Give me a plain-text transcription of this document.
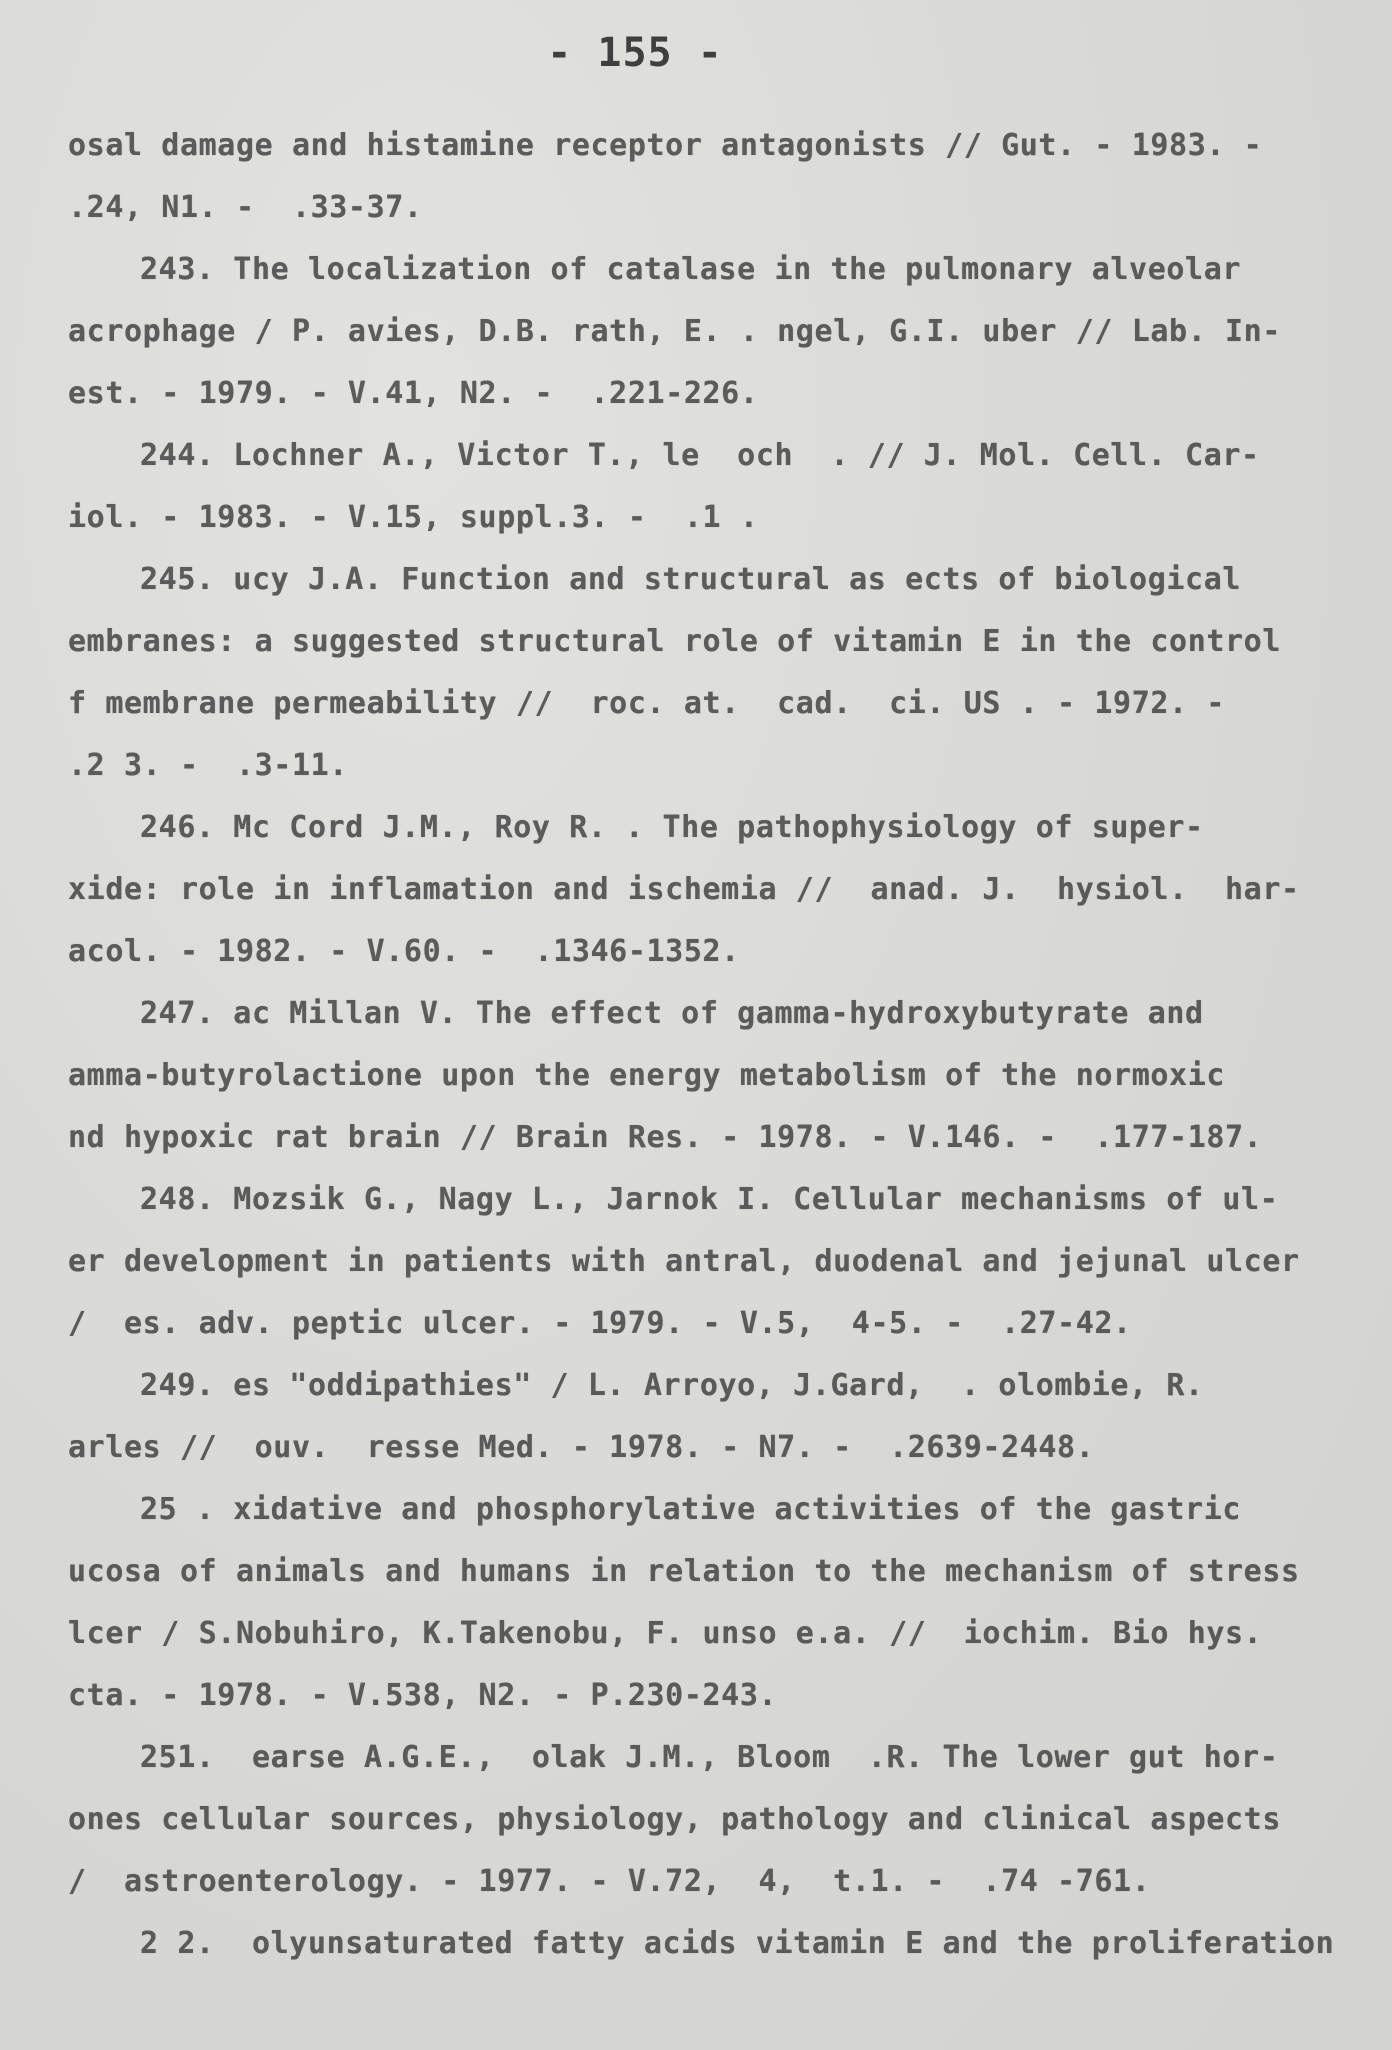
- 155 -
osal damage and histamine receptor antagonists // Gut. - 1983. -
.24, N1. -  .33-37.
243. The localization of catalase in the pulmonary alveolar
acrophage / P. avies, D.B. rath, E. . ngel, G.I. uber // Lab. In-
est. - 1979. - V.41, N2. -  .221-226.
244. Lochner A., Victor T., le  och  . // J. Mol. Cell. Car-
iol. - 1983. - V.15, suppl.3. -  .1 .
245. ucy J.A. Function and structural as ects of biological
embranes: a suggested structural role of vitamin E in the control
f membrane permeability //  roc. at.  cad.  ci. US . - 1972. -
.2 3. -  .3-11.
246. Mc Cord J.M., Roy R. . The pathophysiology of super-
xide: role in inflamation and ischemia //  anad. J.  hysiol.  har-
acol. - 1982. - V.60. -  .1346-1352.
247. ac Millan V. The effect of gamma-hydroxybutyrate and
amma-butyrolactione upon the energy metabolism of the normoxic
nd hypoxic rat brain // Brain Res. - 1978. - V.146. -  .177-187.
248. Mozsik G., Nagy L., Jarnok I. Cellular mechanisms of ul-
er development in patients with antral, duodenal and jejunal ulcer
/  es. adv. peptic ulcer. - 1979. - V.5,  4-5. -  .27-42.
249. es "oddipathies" / L. Arroyo, J.Gard,  . olombie, R.
arles //  ouv.  resse Med. - 1978. - N7. -  .2639-2448.
25 . xidative and phosphorylative activities of the gastric
ucosa of animals and humans in relation to the mechanism of stress
lcer / S.Nobuhiro, K.Takenobu, F. unso e.a. //  iochim. Bio hys.
cta. - 1978. - V.538, N2. - P.230-243.
251.  earse A.G.E.,  olak J.M., Bloom  .R. The lower gut hor-
ones cellular sources, physiology, pathology and clinical aspects
/  astroenterology. - 1977. - V.72,  4,  t.1. -  .74 -761.
2 2.  olyunsaturated fatty acids vitamin E and the proliferation
